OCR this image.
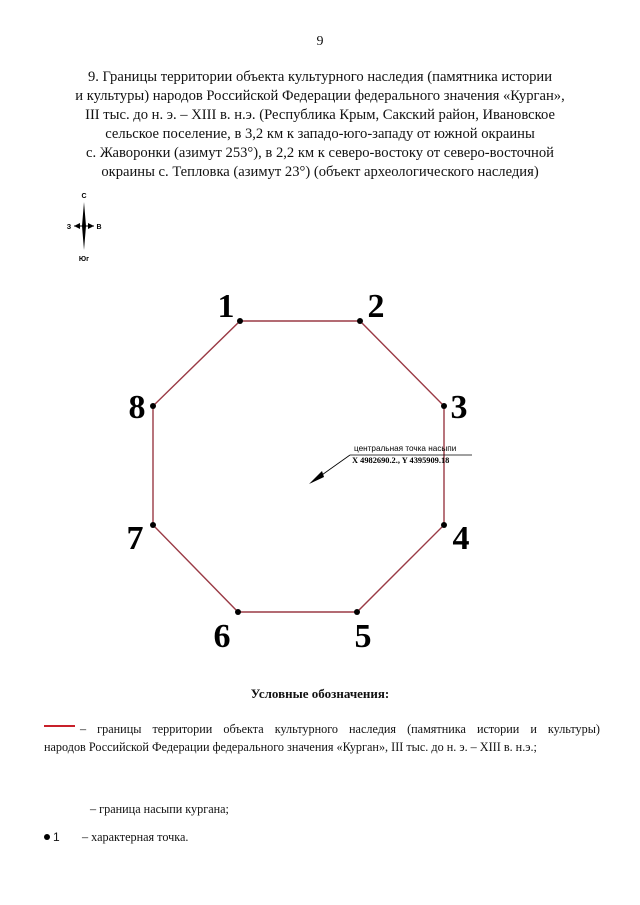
9
9. Границы территории объекта культурного наследия (памятника истории
и культуры) народов Российской Федерации федерального значения «Курган»,
III тыс. до н. э. – XIII в. н.э. (Республика Крым, Сакский район, Ивановское
сельское поселение, в 3,2 км к западо-юго-западу от южной окраины
с. Жаворонки (азимут 253°), в 2,2 км к северо-востоку от северо-восточной
окраины с. Тепловка (азимут 23°) (объект археологического наследия)
С
З	В
Юг
1	2
3
4
5
6
7
8
центральная точка насыпи
X 4982690.2., Y 4395909.18
Условные обозначения:
– границы территории объекта культурного наследия (памятника истории и культуры)
народов Российской Федерации федерального значения «Курган», III тыс. до н. э. – XIII в. н.э.;
– граница насыпи кургана;
1 – характерная точка.
